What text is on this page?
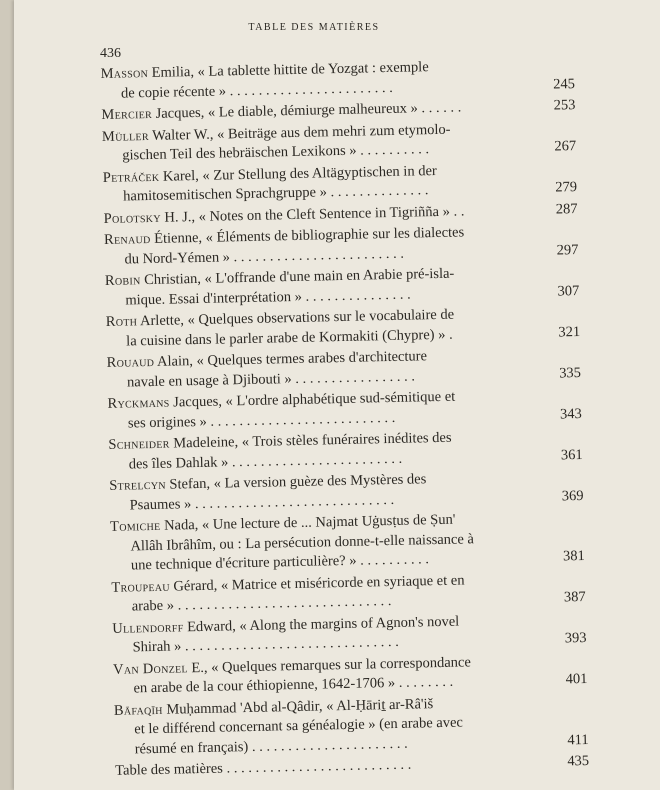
TABLE DES MATIÈRES
436
Masson Emilia, « La tablette hittite de Yozgat : exemple
de copie récente » . . . . . . . . . . . . . . . . . . . . . . .	245
Mercier Jacques, « Le diable, démiurge malheureux » . . . . . .	253
Müller Walter W., « Beiträge aus dem mehri zum etymolo-
gischen Teil des hebräischen Lexikons » . . . . . . . . . .	267
Petráček Karel, « Zur Stellung des Altägyptischen in der
hamitosemitischen Sprachgruppe » . . . . . . . . . . . . . .	279
Polotsky H. J., « Notes on the Cleft Sentence in Tigriñña » . .	287
Renaud Étienne, « Éléments de bibliographie sur les dialectes
du Nord-Yémen » . . . . . . . . . . . . . . . . . . . . . . . .	297
Robin Christian, « L'offrande d'une main en Arabie pré-isla-
mique. Essai d'interprétation » . . . . . . . . . . . . . . .	307
Roth Arlette, « Quelques observations sur le vocabulaire de
la cuisine dans le parler arabe de Kormakiti (Chypre) » .	321
Rouaud Alain, « Quelques termes arabes d'architecture
navale en usage à Djibouti » . . . . . . . . . . . . . . . . .	335
Ryckmans Jacques, « L'ordre alphabétique sud-sémitique et
ses origines » . . . . . . . . . . . . . . . . . . . . . . . . . .	343
Schneider Madeleine, « Trois stèles funéraires inédites des
des îles Dahlak » . . . . . . . . . . . . . . . . . . . . . . . .	361
Strelcyn Stefan, « La version guèze des Mystères des
Psaumes » . . . . . . . . . . . . . . . . . . . . . . . . . . . .	369
Tomiche Nada, « Une lecture de ... Najmat Uġusṭus de Ṣun'
Allâh Ibrâhîm, ou : La persécution donne-t-elle naissance à
une technique d'écriture particulière? » . . . . . . . . . .	381
Troupeau Gérard, « Matrice et miséricorde en syriaque et en
arabe » . . . . . . . . . . . . . . . . . . . . . . . . . . . . . .	387
Ullendorff Edward, « Along the margins of Agnon's novel
Shirah » . . . . . . . . . . . . . . . . . . . . . . . . . . . . . .	393
Van Donzel E., « Quelques remarques sur la correspondance
en arabe de la cour éthiopienne, 1642-1706 » . . . . . . . .	401
Bāfaqīh Muḥammad 'Abd al-Qâdir, « Al-Ḥāriṯ ar-Râ'iš
et le différend concernant sa généalogie » (en arabe avec
résumé en français) . . . . . . . . . . . . . . . . . . . . . .	411
Table des matières . . . . . . . . . . . . . . . . . . . . . . . . . .	435
